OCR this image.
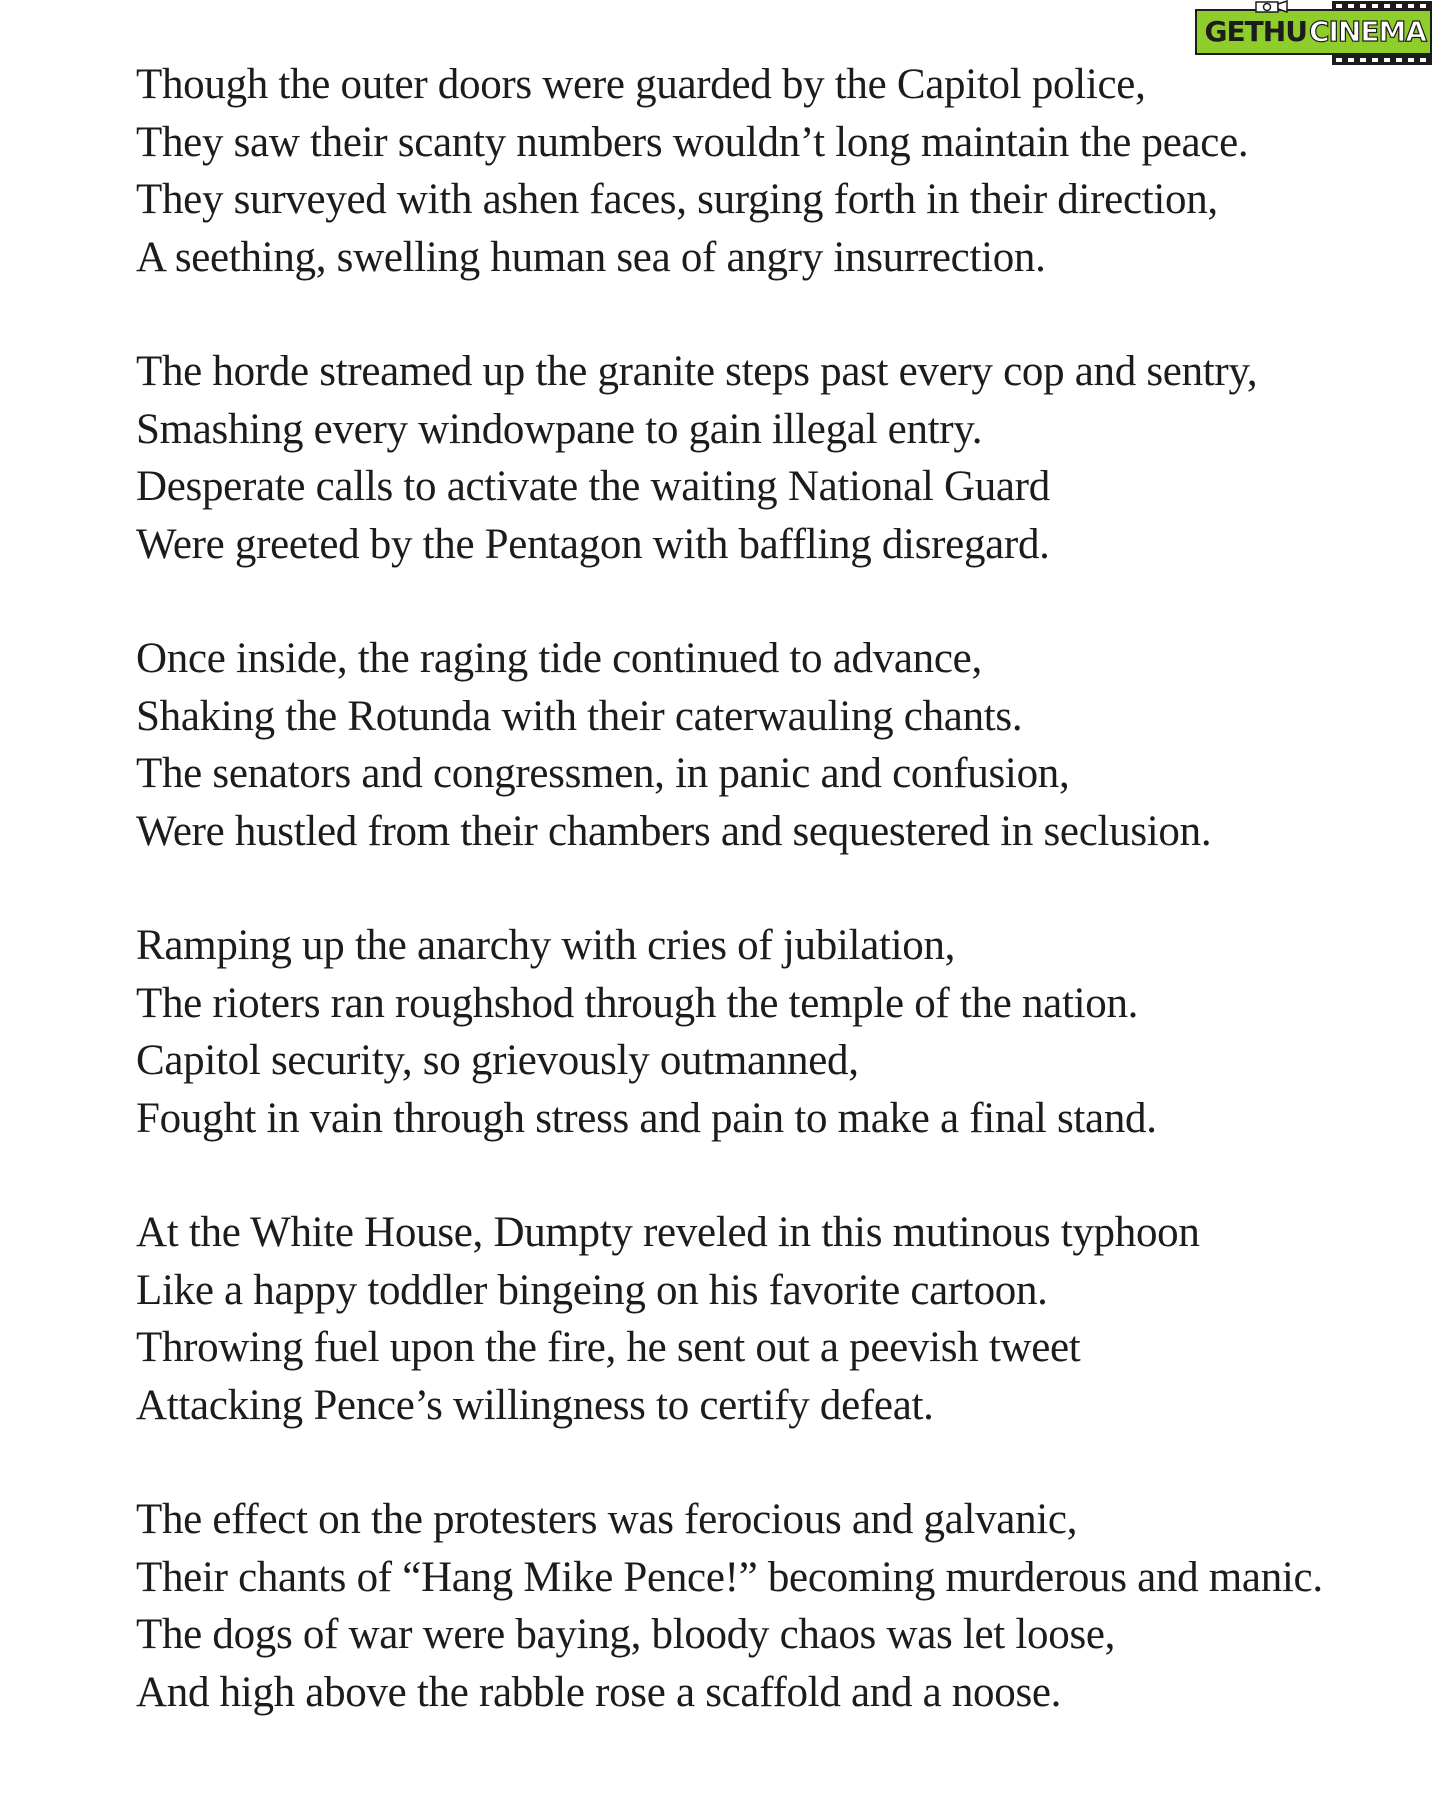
GETHU CINEMA
Though the outer doors were guarded by the Capitol police,
They saw their scanty numbers wouldn’t long maintain the peace.
They surveyed with ashen faces, surging forth in their direction,
A seething, swelling human sea of angry insurrection.
The horde streamed up the granite steps past every cop and sentry,
Smashing every windowpane to gain illegal entry.
Desperate calls to activate the waiting National Guard
Were greeted by the Pentagon with baffling disregard.
Once inside, the raging tide continued to advance,
Shaking the Rotunda with their caterwauling chants.
The senators and congressmen, in panic and confusion,
Were hustled from their chambers and sequestered in seclusion.
Ramping up the anarchy with cries of jubilation,
The rioters ran roughshod through the temple of the nation.
Capitol security, so grievously outmanned,
Fought in vain through stress and pain to make a final stand.
At the White House, Dumpty reveled in this mutinous typhoon
Like a happy toddler bingeing on his favorite cartoon.
Throwing fuel upon the fire, he sent out a peevish tweet
Attacking Pence’s willingness to certify defeat.
The effect on the protesters was ferocious and galvanic,
Their chants of “Hang Mike Pence!” becoming murderous and manic.
The dogs of war were baying, bloody chaos was let loose,
And high above the rabble rose a scaffold and a noose.
